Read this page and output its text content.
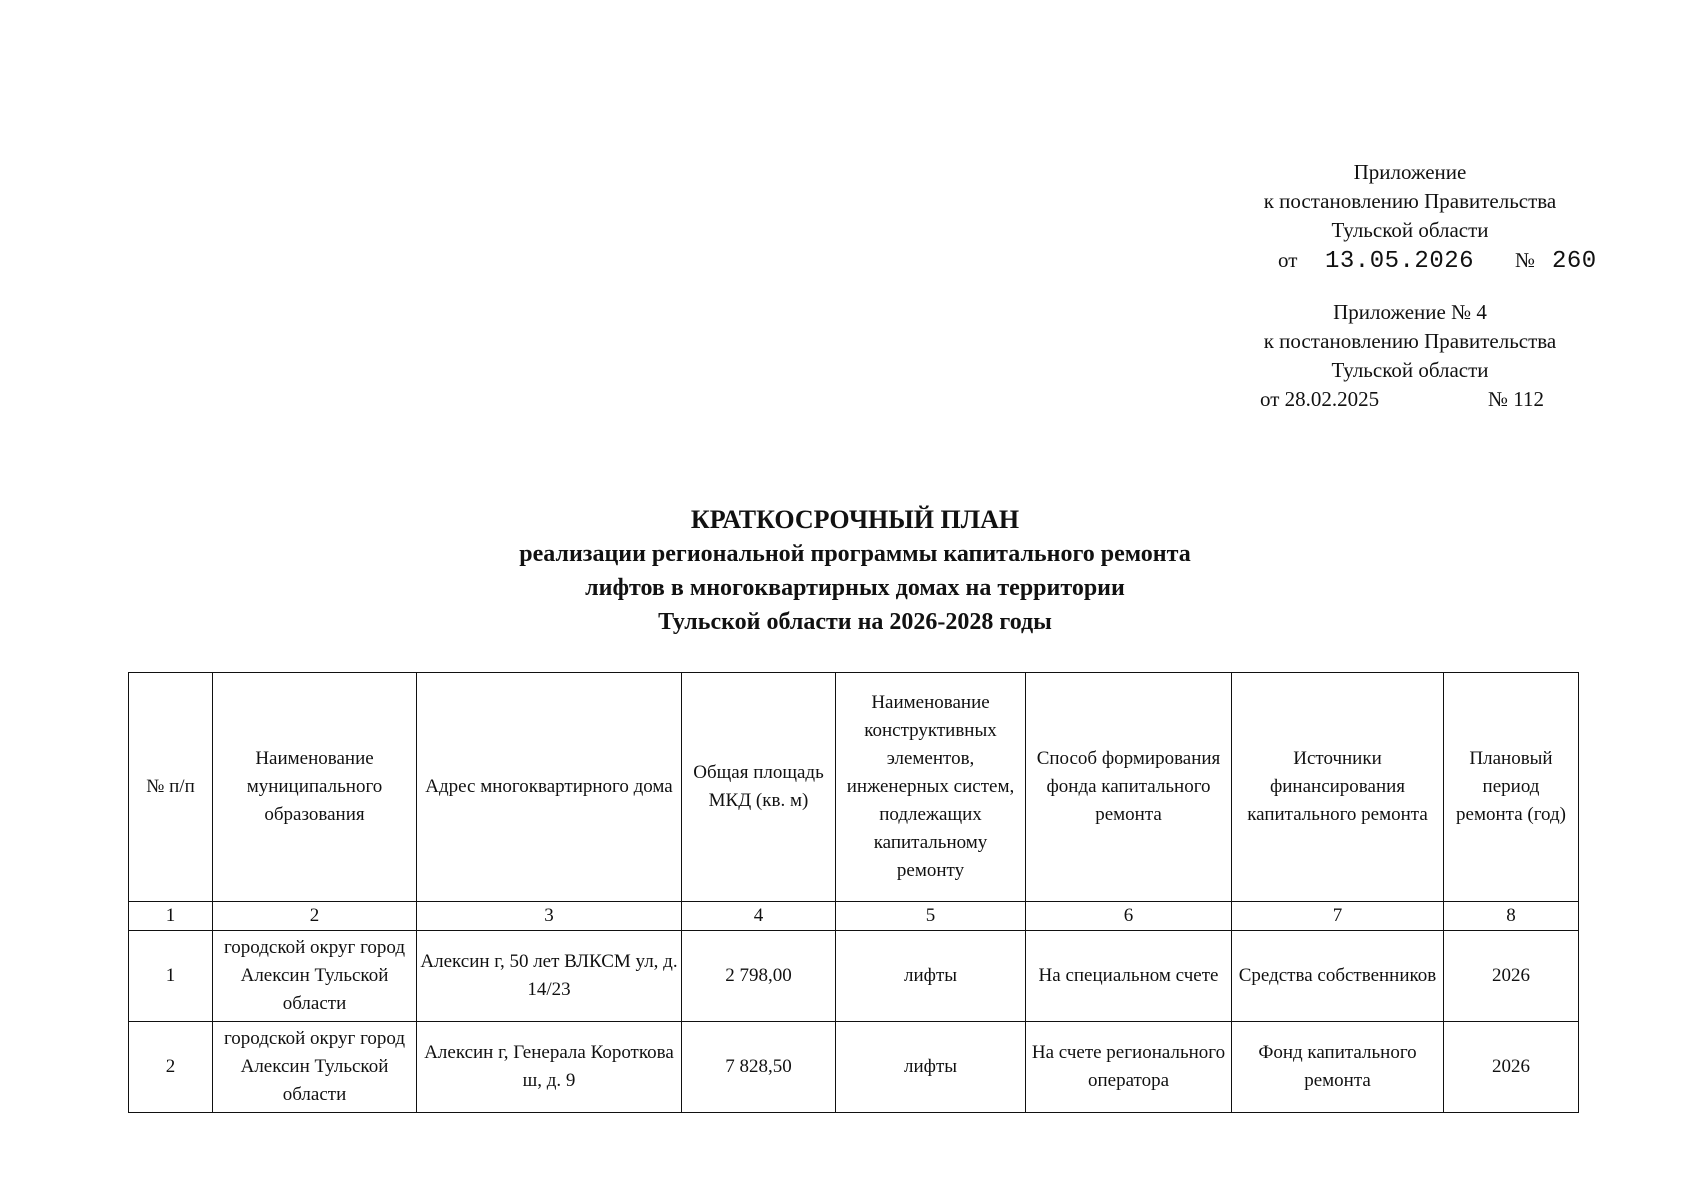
Приложение
к постановлению Правительства
Тульской области
от 13.05.2026 № 260
Приложение № 4
к постановлению Правительства
Тульской области
от 28.02.2025	№ 112
КРАТКОСРОЧНЫЙ ПЛАН
реализации региональной программы капитального ремонта
лифтов в многоквартирных домах на территории
Тульской области на 2026-2028 годы
№ п/п	Наименование муниципального образования	Адрес многоквартирного дома	Общая площадь МКД (кв. м)	Наименование конструктивных элементов, инженерных систем, подлежащих капитальному ремонту	Способ формирования фонда капитального ремонта	Источники финансирования капитального ремонта	Плановый период ремонта (год)
1	2	3	4	5	6	7	8
1	городской округ город Алексин Тульской области	Алексин г, 50 лет ВЛКСМ ул, д. 14/23	2 798,00	лифты	На специальном счете	Средства собственников	2026
2	городской округ город Алексин Тульской области	Алексин г, Генерала Короткова ш, д. 9	7 828,50	лифты	На счете регионального оператора	Фонд капитального ремонта	2026
